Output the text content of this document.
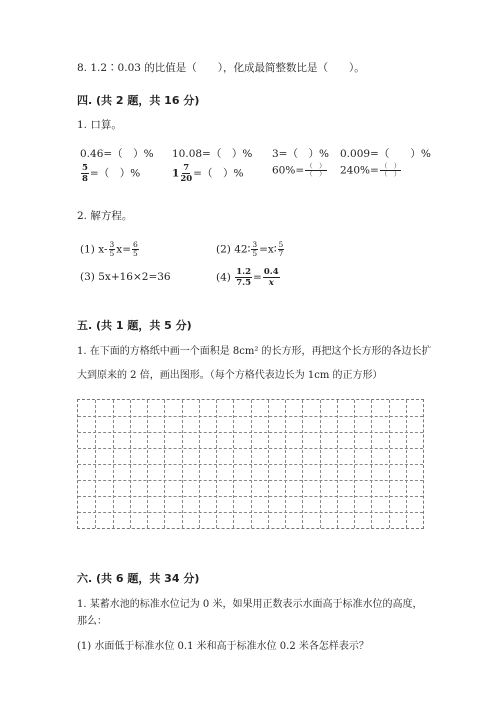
8. 1.2∶0.03 的比值是（　　），化成最简整数比是（　　）。
四. (共 2 题，共 16 分)
1. 口算。
0.46=（　）% 10.08=（　）% 3=（　）% 0.009=（　　）%
$\frac{5}{8}$ =（　）%	$1 \frac{7}{20}$ =（　）%	$60\%= \frac{( )}{( )} 240\%= \frac{( )}{( )}$
2. 解方程。
(1) $x- \frac{3}{5} x= \frac{6}{5}$	(2) 42∶ $\frac{3}{5}$ =x∶ $\frac{5}{7}$
(3) 5x+16×2=36	$(4) \frac{1.2}{7.5} = \frac{0.4}{x}$
五. (共 1 题，共 5 分)
1. 在下面的方格纸中画一个面积是 8cm² 的长方形，再把这个长方形的各边长扩
大到原来的 2 倍，画出图形。（每个方格代表边长为 1cm 的正方形）
六. (共 6 题，共 34 分)
1. 某蓄水池的标准水位记为 0 米，如果用正数表示水面高于标准水位的高度，
那么：
(1) 水面低于标准水位 0.1 米和高于标准水位 0.2 米各怎样表示？
